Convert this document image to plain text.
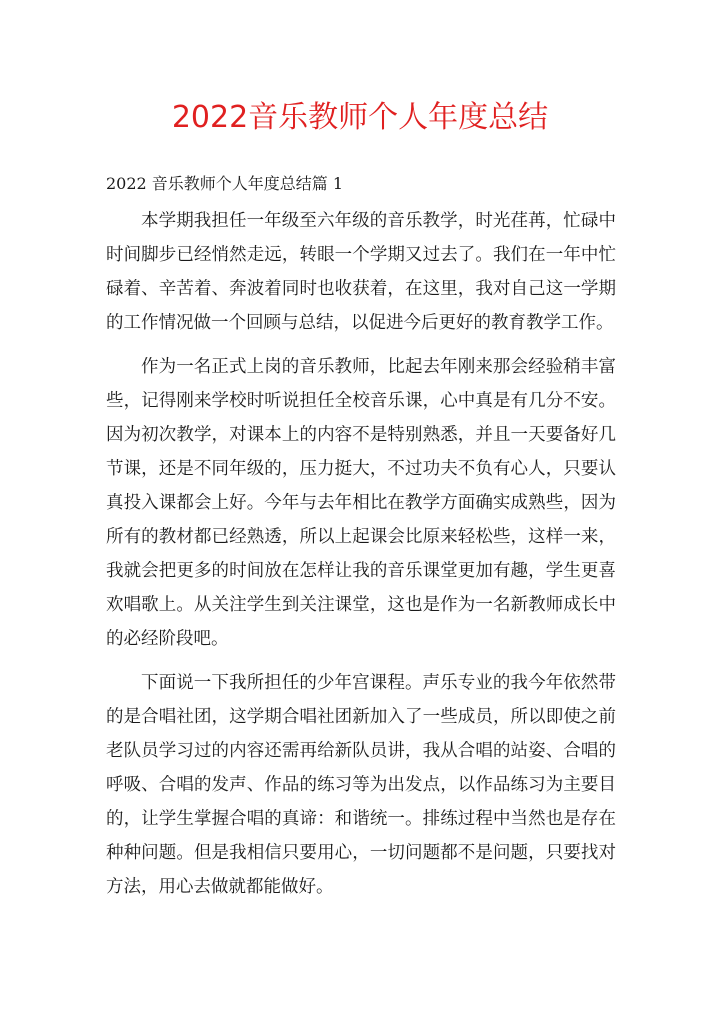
2022音乐教师个人年度总结
2022 音乐教师个人年度总结篇 1

本学期我担任一年级至六年级的音乐教学，时光荏苒，忙碌中时间脚步已经悄然走远，转眼一个学期又过去了。我们在一年中忙碌着、辛苦着、奔波着同时也收获着，在这里，我对自己这一学期的工作情况做一个回顾与总结，以促进今后更好的教育教学工作。

作为一名正式上岗的音乐教师，比起去年刚来那会经验稍丰富些，记得刚来学校时听说担任全校音乐课，心中真是有几分不安。因为初次教学，对课本上的内容不是特别熟悉，并且一天要备好几节课，还是不同年级的，压力挺大，不过功夫不负有心人，只要认真投入课都会上好。今年与去年相比在教学方面确实成熟些，因为所有的教材都已经熟透，所以上起课会比原来轻松些，这样一来，我就会把更多的时间放在怎样让我的音乐课堂更加有趣，学生更喜欢唱歌上。从关注学生到关注课堂，这也是作为一名新教师成长中的必经阶段吧。

下面说一下我所担任的少年宫课程。声乐专业的我今年依然带的是合唱社团，这学期合唱社团新加入了一些成员，所以即使之前老队员学习过的内容还需再给新队员讲，我从合唱的站姿、合唱的呼吸、合唱的发声、作品的练习等为出发点，以作品练习为主要目的，让学生掌握合唱的真谛：和谐统一。排练过程中当然也是存在种种问题。但是我相信只要用心，一切问题都不是问题，只要找对方法，用心去做就都能做好。
